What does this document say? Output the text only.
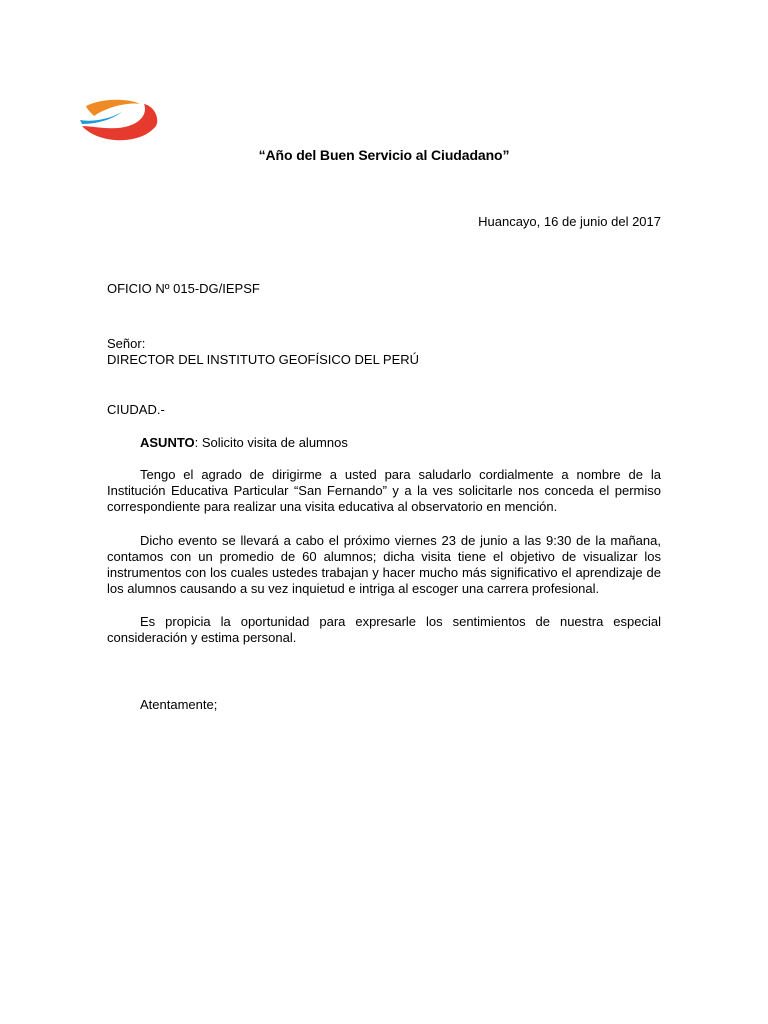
“Año del Buen Servicio al Ciudadano”
Huancayo, 16 de junio del 2017
OFICIO Nº 015-DG/IEPSF
Señor:
DIRECTOR DEL INSTITUTO GEOFÍSICO DEL PERÚ
CIUDAD.-
ASUNTO: Solicito visita de alumnos
Tengo el agrado de dirigirme a usted para saludarlo cordialmente a nombre de la Institución Educativa Particular “San Fernando” y a la ves solicitarle nos conceda el permiso correspondiente para realizar una visita educativa al observatorio en mención.
Dicho evento se llevará a cabo el próximo viernes 23 de junio a las 9:30 de la mañana, contamos con un promedio de 60 alumnos; dicha visita tiene el objetivo de visualizar los instrumentos con los cuales ustedes trabajan y hacer mucho más significativo el aprendizaje de los alumnos causando a su vez inquietud e intriga al escoger una carrera profesional.
Es propicia la oportunidad para expresarle los sentimientos de nuestra especial consideración y estima personal.
Atentamente;
